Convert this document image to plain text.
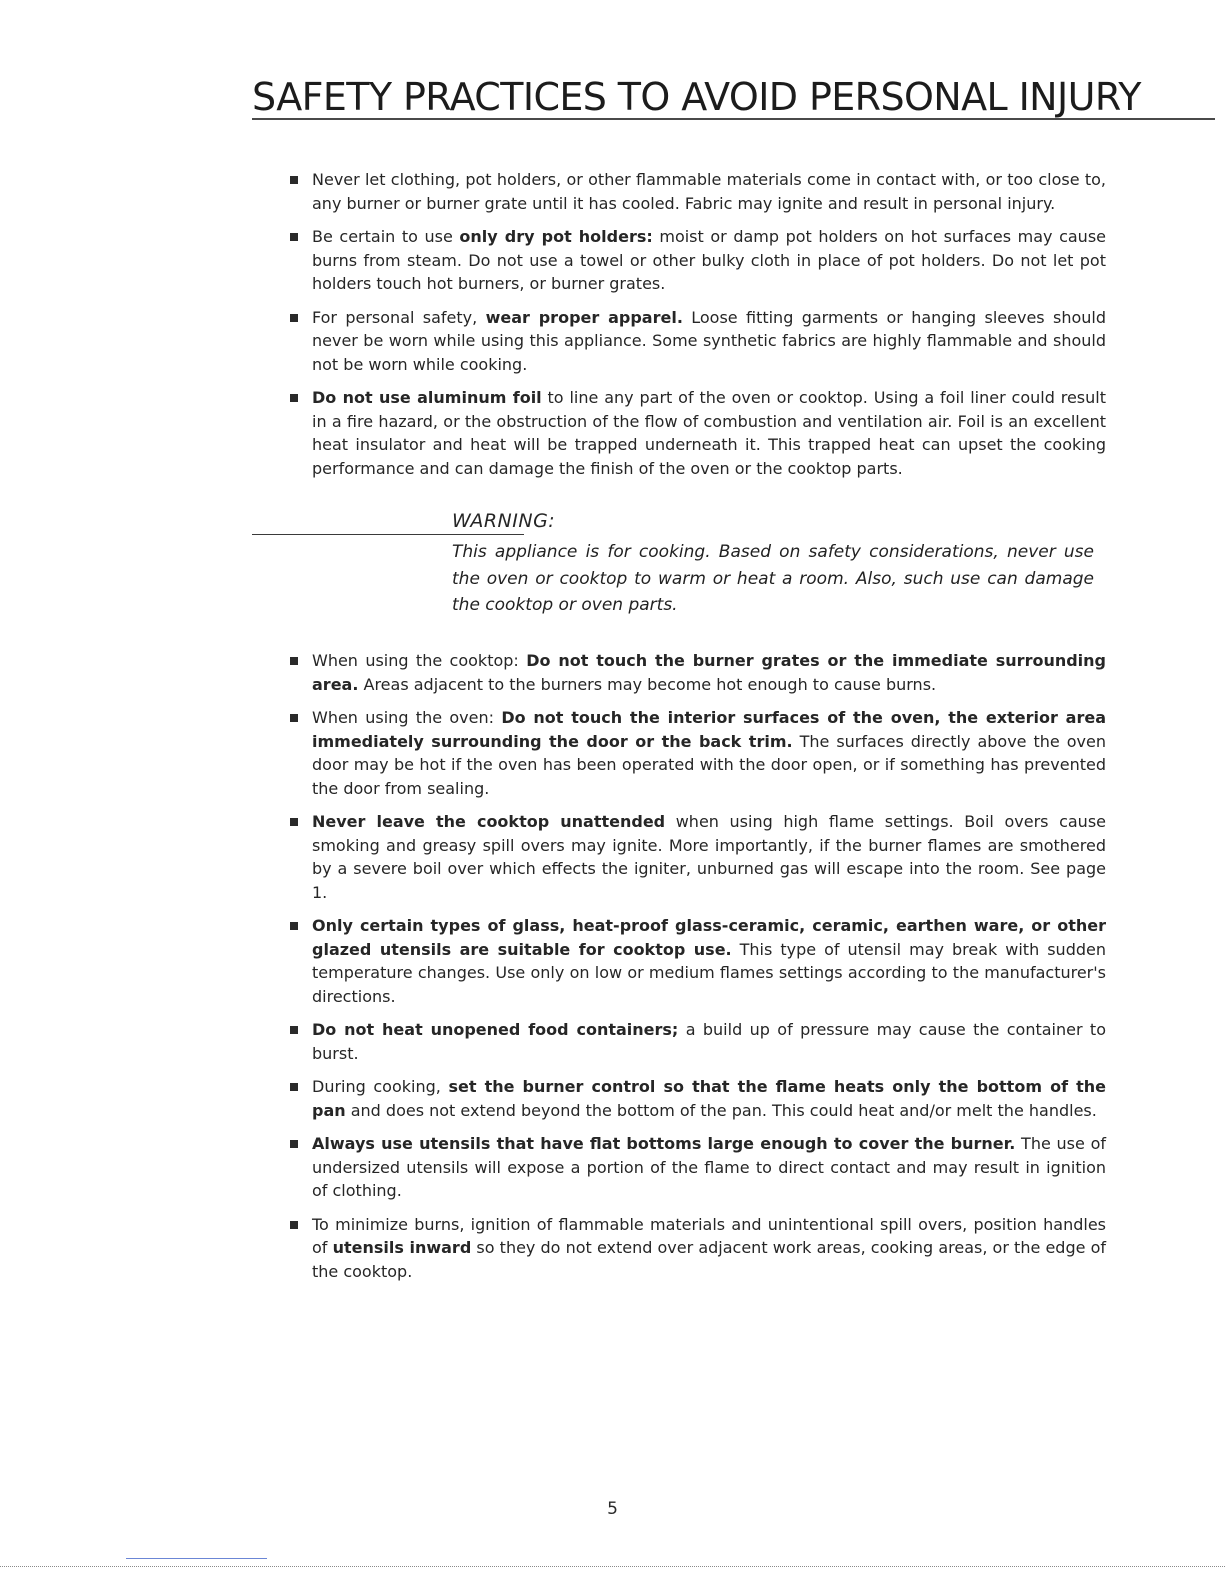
SAFETY PRACTICES TO AVOID PERSONAL INJURY
Never let clothing, pot holders, or other flammable materials come in contact with, or too close to, any burner or burner grate until it has cooled. Fabric may ignite and result in personal injury.
Be certain to use only dry pot holders: moist or damp pot holders on hot surfaces may cause burns from steam. Do not use a towel or other bulky cloth in place of pot holders. Do not let pot holders touch hot burners, or burner grates.
For personal safety, wear proper apparel. Loose fitting garments or hanging sleeves should never be worn while using this appliance. Some synthetic fabrics are highly flammable and should not be worn while cooking.
Do not use aluminum foil to line any part of the oven or cooktop. Using a foil liner could result in a fire hazard, or the obstruction of the flow of combustion and ventilation air. Foil is an excellent heat insulator and heat will be trapped underneath it. This trapped heat can upset the cooking performance and can damage the finish of the oven or the cooktop parts.
WARNING:

This appliance is for cooking. Based on safety considerations, never use the oven or cooktop to warm or heat a room. Also, such use can damage the cooktop or oven parts.

When using the cooktop: Do not touch the burner grates or the immediate surrounding area. Areas adjacent to the burners may become hot enough to cause burns.
When using the oven: Do not touch the interior surfaces of the oven, the exterior area immediately surrounding the door or the back trim. The surfaces directly above the oven door may be hot if the oven has been operated with the door open, or if something has prevented the door from sealing.
Never leave the cooktop unattended when using high flame settings. Boil overs cause smoking and greasy spill overs may ignite. More importantly, if the burner flames are smothered by a severe boil over which effects the igniter, unburned gas will escape into the room. See page 1.
Only certain types of glass, heat-proof glass-ceramic, ceramic, earthen ware, or other glazed utensils are suitable for cooktop use. This type of utensil may break with sudden temperature changes. Use only on low or medium flames settings according to the manufacturer's directions.
Do not heat unopened food containers; a build up of pressure may cause the container to burst.
During cooking, set the burner control so that the flame heats only the bottom of the pan and does not extend beyond the bottom of the pan. This could heat and/or melt the handles.
Always use utensils that have flat bottoms large enough to cover the burner. The use of undersized utensils will expose a portion of the flame to direct contact and may result in ignition of clothing.
To minimize burns, ignition of flammable materials and unintentional spill overs, position handles of utensils inward so they do not extend over adjacent work areas, cooking areas, or the edge of the cooktop.
5
